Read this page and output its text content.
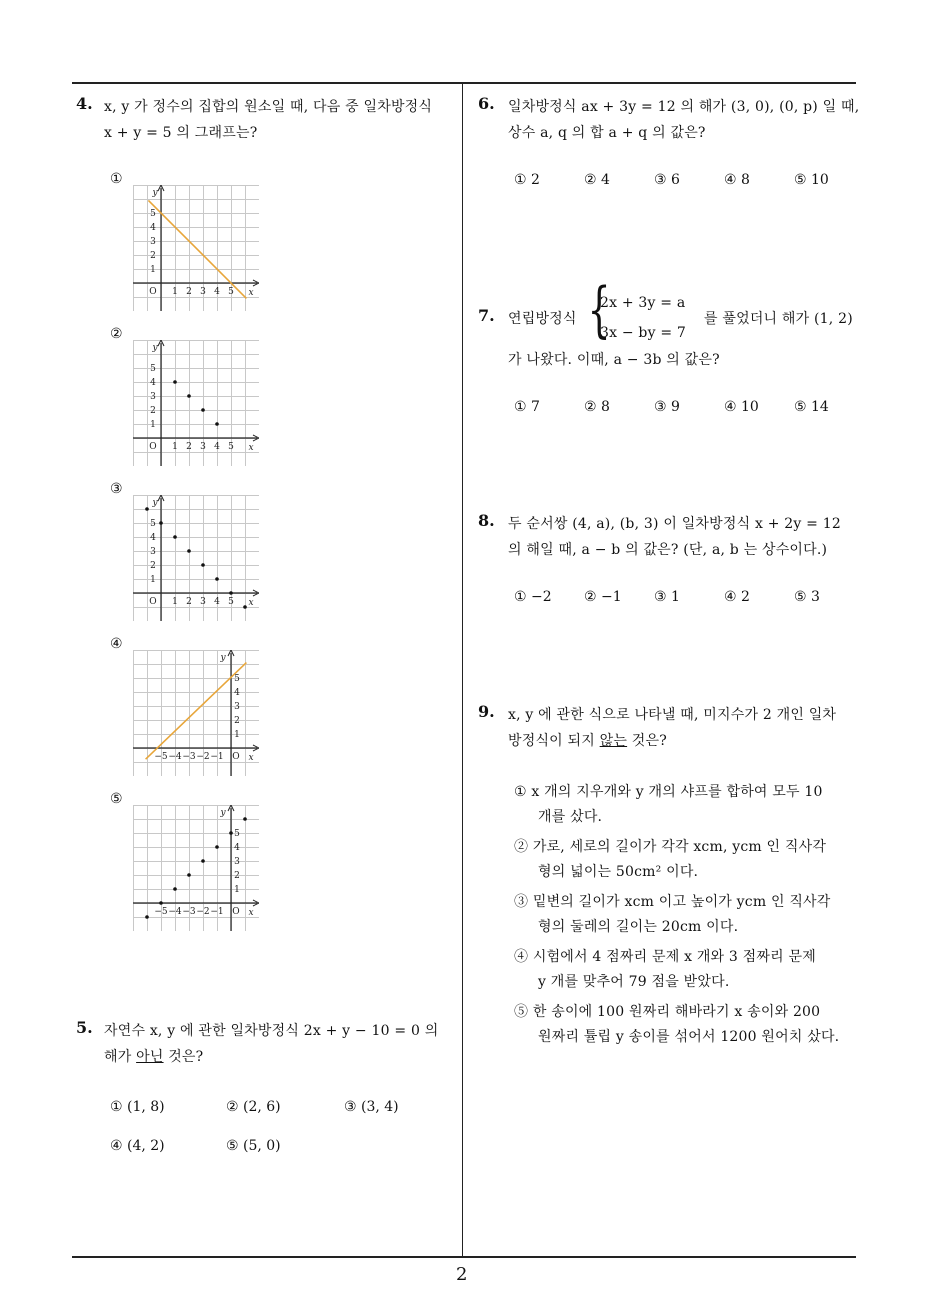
2
4. x, y 가 정수의 집합의 원소일 때, 다음 중 일차방정식
x + y = 5 의 그래프는?
①
②
③
④
⑤
x
y
O 1 2 3 4 5
1
2
3
4
5
x
y
O 1 2 3 4 5
1
2
3
4
5
x
y
O 1 2 3 4 5
1
2
3
4
5
x
y
O
−5 −4 −3 −2 −1
1
2
3
4
5
x
y
O
−5 −4 −3 −2 −1
1
2
3
4
5
5. 자연수 x, y 에 관한 일차방정식 2x + y − 10 = 0 의
해가 아닌 것은?
① (1, 8)	② (2, 6)	③ (3, 4)
④ (4, 2)	⑤ (5, 0)
6. 일차방정식 ax + 3y = 12 의 해가 (3, 0), (0, p) 일 때,
상수 a, q 의 합 a + q 의 값은?
① 2	② 4	③ 6	④ 8	⑤ 10
7. 연립방정식 {
2x + 3y = a
3x − by = 7
를 풀었더니 해가 (1, 2)
가 나왔다. 이때, a − 3b 의 값은?
① 7	② 8	③ 9	④ 10	⑤ 14
8. 두 순서쌍 (4, a), (b, 3) 이 일차방정식 x + 2y = 12
의 해일 때, a − b 의 값은? (단, a, b 는 상수이다.)
① −2 ② −1 ③ 1	④ 2	⑤ 3
9. x, y 에 관한 식으로 나타낼 때, 미지수가 2 개인 일차
방정식이 되지 않는 것은?
① x 개의 지우개와 y 개의 샤프를 합하여 모두 10
개를 샀다.
② 가로, 세로의 길이가 각각 xcm, ycm 인 직사각
형의 넓이는 50cm² 이다.
③ 밑변의 길이가 xcm 이고 높이가 ycm 인 직사각
형의 둘레의 길이는 20cm 이다.
④ 시험에서 4 점짜리 문제 x 개와 3 점짜리 문제
y 개를 맞추어 79 점을 받았다.
⑤ 한 송이에 100 원짜리 해바라기 x 송이와 200
원짜리 튤립 y 송이를 섞어서 1200 원어치 샀다.
